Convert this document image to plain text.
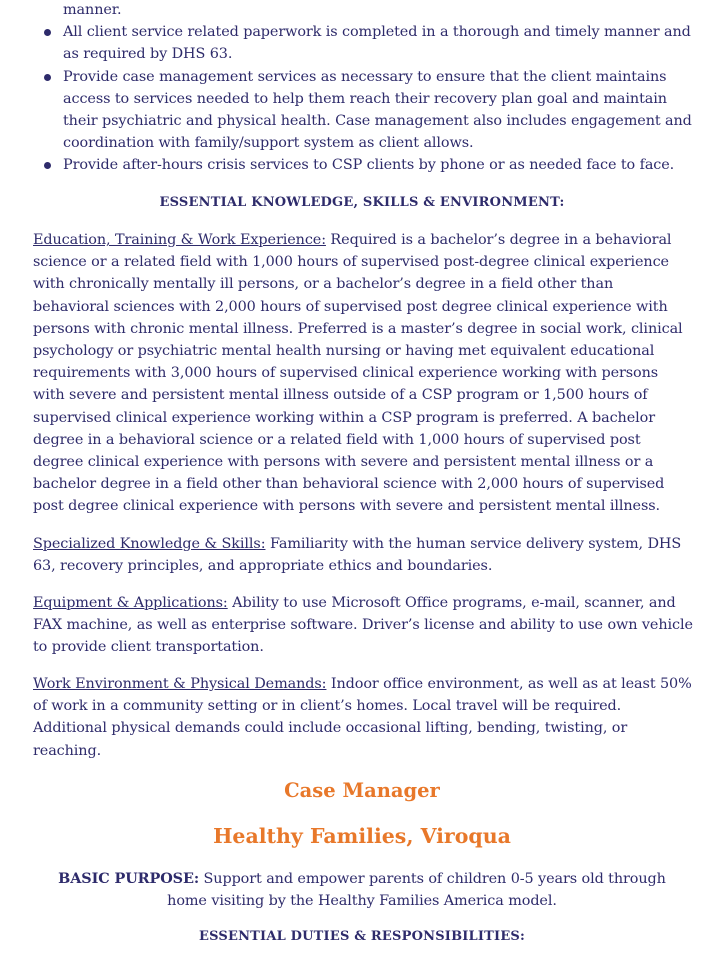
manner.
All client service related paperwork is completed in a thorough and timely manner and as required by DHS 63.
Provide case management services as necessary to ensure that the client maintains access to services needed to help them reach their recovery plan goal and maintain their psychiatric and physical health. Case management also includes engagement and coordination with family/support system as client allows.
Provide after-hours crisis services to CSP clients by phone or as needed face to face.
ESSENTIAL KNOWLEDGE, SKILLS & ENVIRONMENT:

Education, Training & Work Experience: Required is a bachelor’s degree in a behavioral science or a related field with 1,000 hours of supervised post-degree clinical experience with chronically mentally ill persons, or a bachelor’s degree in a field other than behavioral sciences with 2,000 hours of supervised post degree clinical experience with persons with chronic mental illness. Preferred is a master’s degree in social work, clinical psychology or psychiatric mental health nursing or having met equivalent educational requirements with 3,000 hours of supervised clinical experience working with persons with severe and persistent mental illness outside of a CSP program or 1,500 hours of supervised clinical experience working within a CSP program is preferred. A bachelor degree in a behavioral science or a related field with 1,000 hours of supervised post degree clinical experience with persons with severe and persistent mental illness or a bachelor degree in a field other than behavioral science with 2,000 hours of supervised post degree clinical experience with persons with severe and persistent mental illness.

Specialized Knowledge & Skills: Familiarity with the human service delivery system, DHS 63, recovery principles, and appropriate ethics and boundaries.

Equipment & Applications: Ability to use Microsoft Office programs, e-mail, scanner, and FAX machine, as well as enterprise software. Driver’s license and ability to use own vehicle to provide client transportation.

Work Environment & Physical Demands: Indoor office environment, as well as at least 50% of work in a community setting or in client’s homes. Local travel will be required. Additional physical demands could include occasional lifting, bending, twisting, or reaching.

Case Manager
Healthy Families, Viroqua

BASIC PURPOSE: Support and empower parents of children 0-5 years old through home visiting by the Healthy Families America model.

ESSENTIAL DUTIES & RESPONSIBILITIES:
